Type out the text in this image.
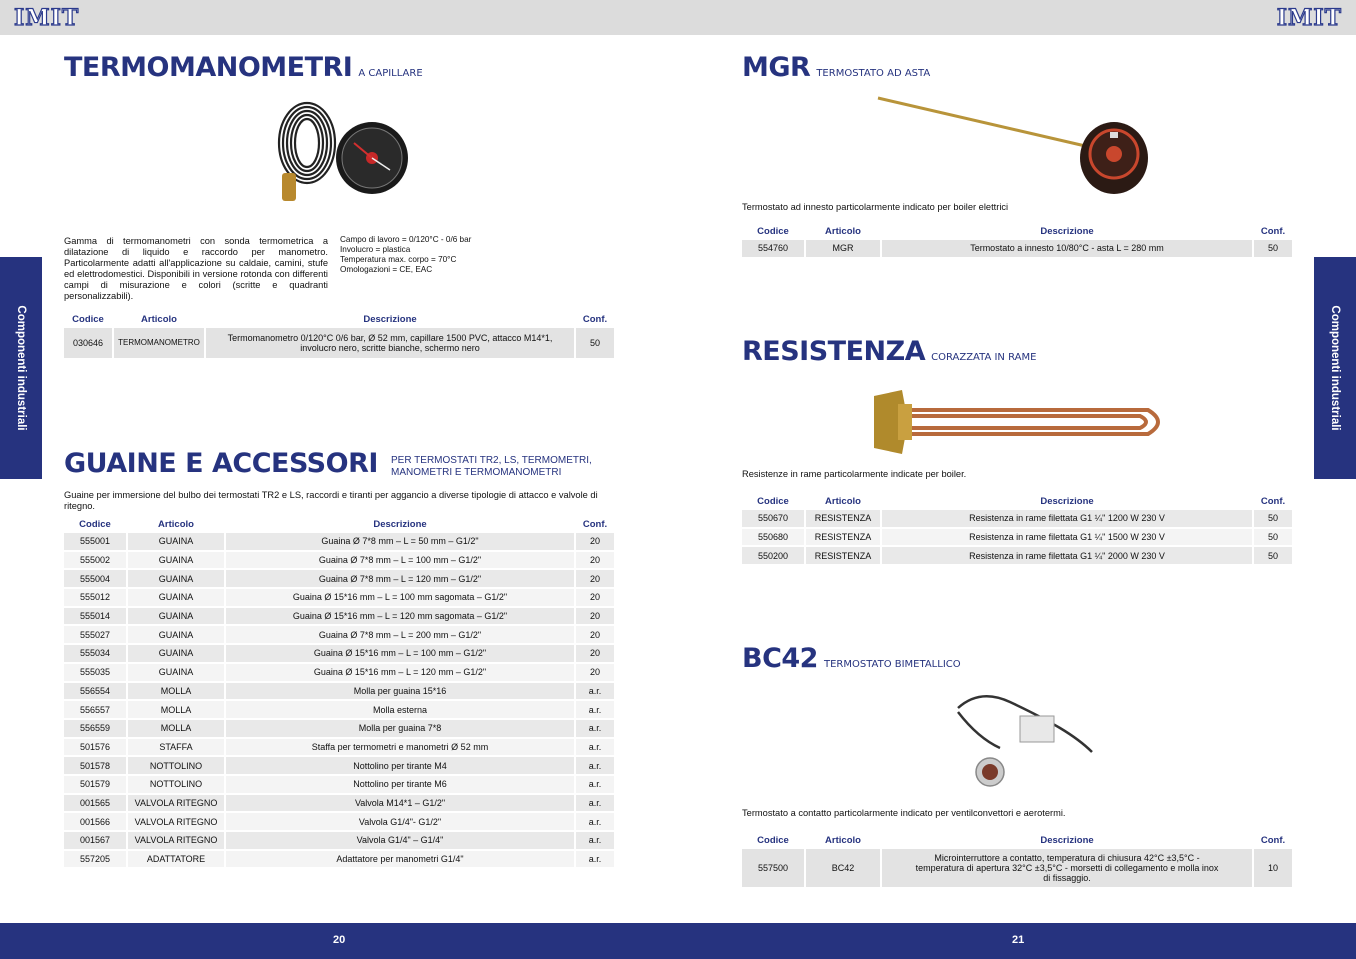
IMIT	IMIT
Componenti industriali	Componenti industriali
TERMOMANOMETRI A CAPILLARE
Gamma di termomanometri con sonda termometrica a dilatazione di liquido e raccordo per manometro. Particolarmente adatti all'applicazione su caldaie, camini, stufe ed elettrodomestici. Disponibili in versione rotonda con differenti campi di misurazione e colori (scritte e quadranti personalizzabili).
Campo di lavoro = 0/120°C - 0/6 bar
Involucro = plastica
Temperatura max. corpo = 70°C
Omologazioni = CE, EAC
Codice	Articolo	Descrizione	Conf.
030646	TERMOMANOMETRO	Termomanometro 0/120°C 0/6 bar, Ø 52 mm, capillare 1500 PVC, attacco M14*1, involucro nero, scritte bianche, schermo nero	50
GUAINE E ACCESSORI PER TERMOSTATI TR2, LS, TERMOMETRI,
MANOMETRI E TERMOMANOMETRI
Guaine per immersione del bulbo dei termostati TR2 e LS, raccordi e tiranti per aggancio a diverse tipologie di attacco e valvole di ritegno.
Codice	Articolo	Descrizione	Conf.
555001	GUAINA	Guaina Ø 7*8 mm – L = 50 mm – G1/2"	20
555002	GUAINA	Guaina Ø 7*8 mm – L = 100 mm – G1/2"	20
555004	GUAINA	Guaina Ø 7*8 mm – L = 120 mm – G1/2"	20
555012	GUAINA	Guaina Ø 15*16 mm – L = 100 mm sagomata – G1/2"	20
555014	GUAINA	Guaina Ø 15*16 mm – L = 120 mm sagomata – G1/2"	20
555027	GUAINA	Guaina Ø 7*8 mm – L = 200 mm – G1/2"	20
555034	GUAINA	Guaina Ø 15*16 mm – L = 100 mm – G1/2"	20
555035	GUAINA	Guaina Ø 15*16 mm – L = 120 mm – G1/2"	20
556554	MOLLA	Molla per guaina 15*16	a.r.
556557	MOLLA	Molla esterna	a.r.
556559	MOLLA	Molla per guaina 7*8	a.r.
501576	STAFFA	Staffa per termometri e manometri Ø 52 mm	a.r.
501578	NOTTOLINO	Nottolino per tirante M4	a.r.
501579	NOTTOLINO	Nottolino per tirante M6	a.r.
001565	VALVOLA RITEGNO	Valvola M14*1 – G1/2"	a.r.
001566	VALVOLA RITEGNO	Valvola G1/4"- G1/2"	a.r.
001567	VALVOLA RITEGNO	Valvola G1/4" – G1/4"	a.r.
557205	ADATTATORE	Adattatore per manometri G1/4"	a.r.
MGR TERMOSTATO AD ASTA
Termostato ad innesto particolarmente indicato per boiler elettrici
Codice	Articolo	Descrizione	Conf.
554760	MGR	Termostato a innesto 10/80°C - asta L = 280 mm	50
RESISTENZA CORAZZATA IN RAME
Resistenze in rame particolarmente indicate per boiler.
Codice	Articolo	Descrizione	Conf.
550670	RESISTENZA	Resistenza in rame filettata G1 ¼" 1200 W 230 V	50
550680	RESISTENZA	Resistenza in rame filettata G1 ¼" 1500 W 230 V	50
550200	RESISTENZA	Resistenza in rame filettata G1 ¼" 2000 W 230 V	50
BC42 TERMOSTATO BIMETALLICO
Termostato a contatto particolarmente indicato per ventilconvettori e aerotermi.
Codice	Articolo	Descrizione	Conf.
557500	BC42	Microinterruttore a contatto, temperatura di chiusura 42°C ±3,5°C - temperatura di apertura 32°C ±3,5°C - morsetti di collegamento e molla inox di fissaggio.	10
20	21
